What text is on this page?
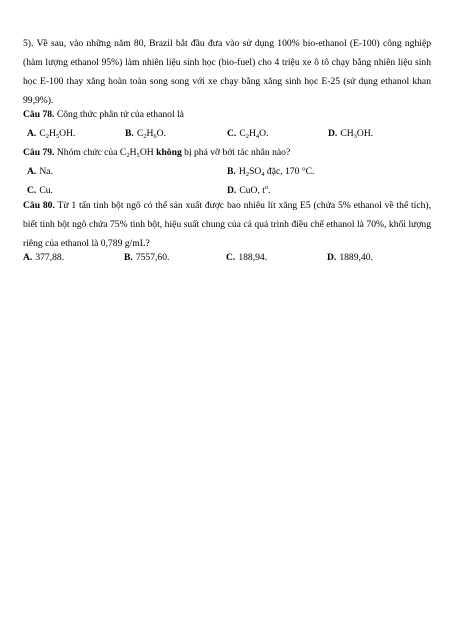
5). Về sau, vào những năm 80, Brazil bắt đầu đưa vào sử dụng 100% bio-ethanol (E-100) công nghiệp (hàm lượng ethanol 95%) làm nhiên liệu sinh học (bio-fuel) cho 4 triệu xe ô tô chạy bằng nhiên liệu sinh học E-100 thay xăng hoàn toàn song song với xe chạy bằng xăng sinh học E-25 (sử dụng ethanol khan 99,9%).

Câu 78. Công thức phân tử của ethanol là
A. $C_2H_5OH$.	B. $C_2H_6O$.	C. $C_2H_4O$.	D. $CH_3OH$.
Câu 79. Nhóm chức của C₂H₅OH không bị phá vỡ bởi tác nhân nào?
A. Na.	B. $H_2SO_4$ đặc, 170 °C.
C. Cu.	D. CuO, $t^o$.

Câu 80. Từ 1 tấn tinh bột ngô có thể sản xuất được bao nhiêu lít xăng E5 (chứa 5% ethanol về thể tích), biết tinh bột ngô chứa 75% tinh bột, hiệu suất chung của cả quá trình điều chế ethanol là 70%, khối lượng riêng của ethanol là 0,789 g/mL?

A. 377,88.	B. 7557,60.	C. 188,94.	D. 1889,40.
